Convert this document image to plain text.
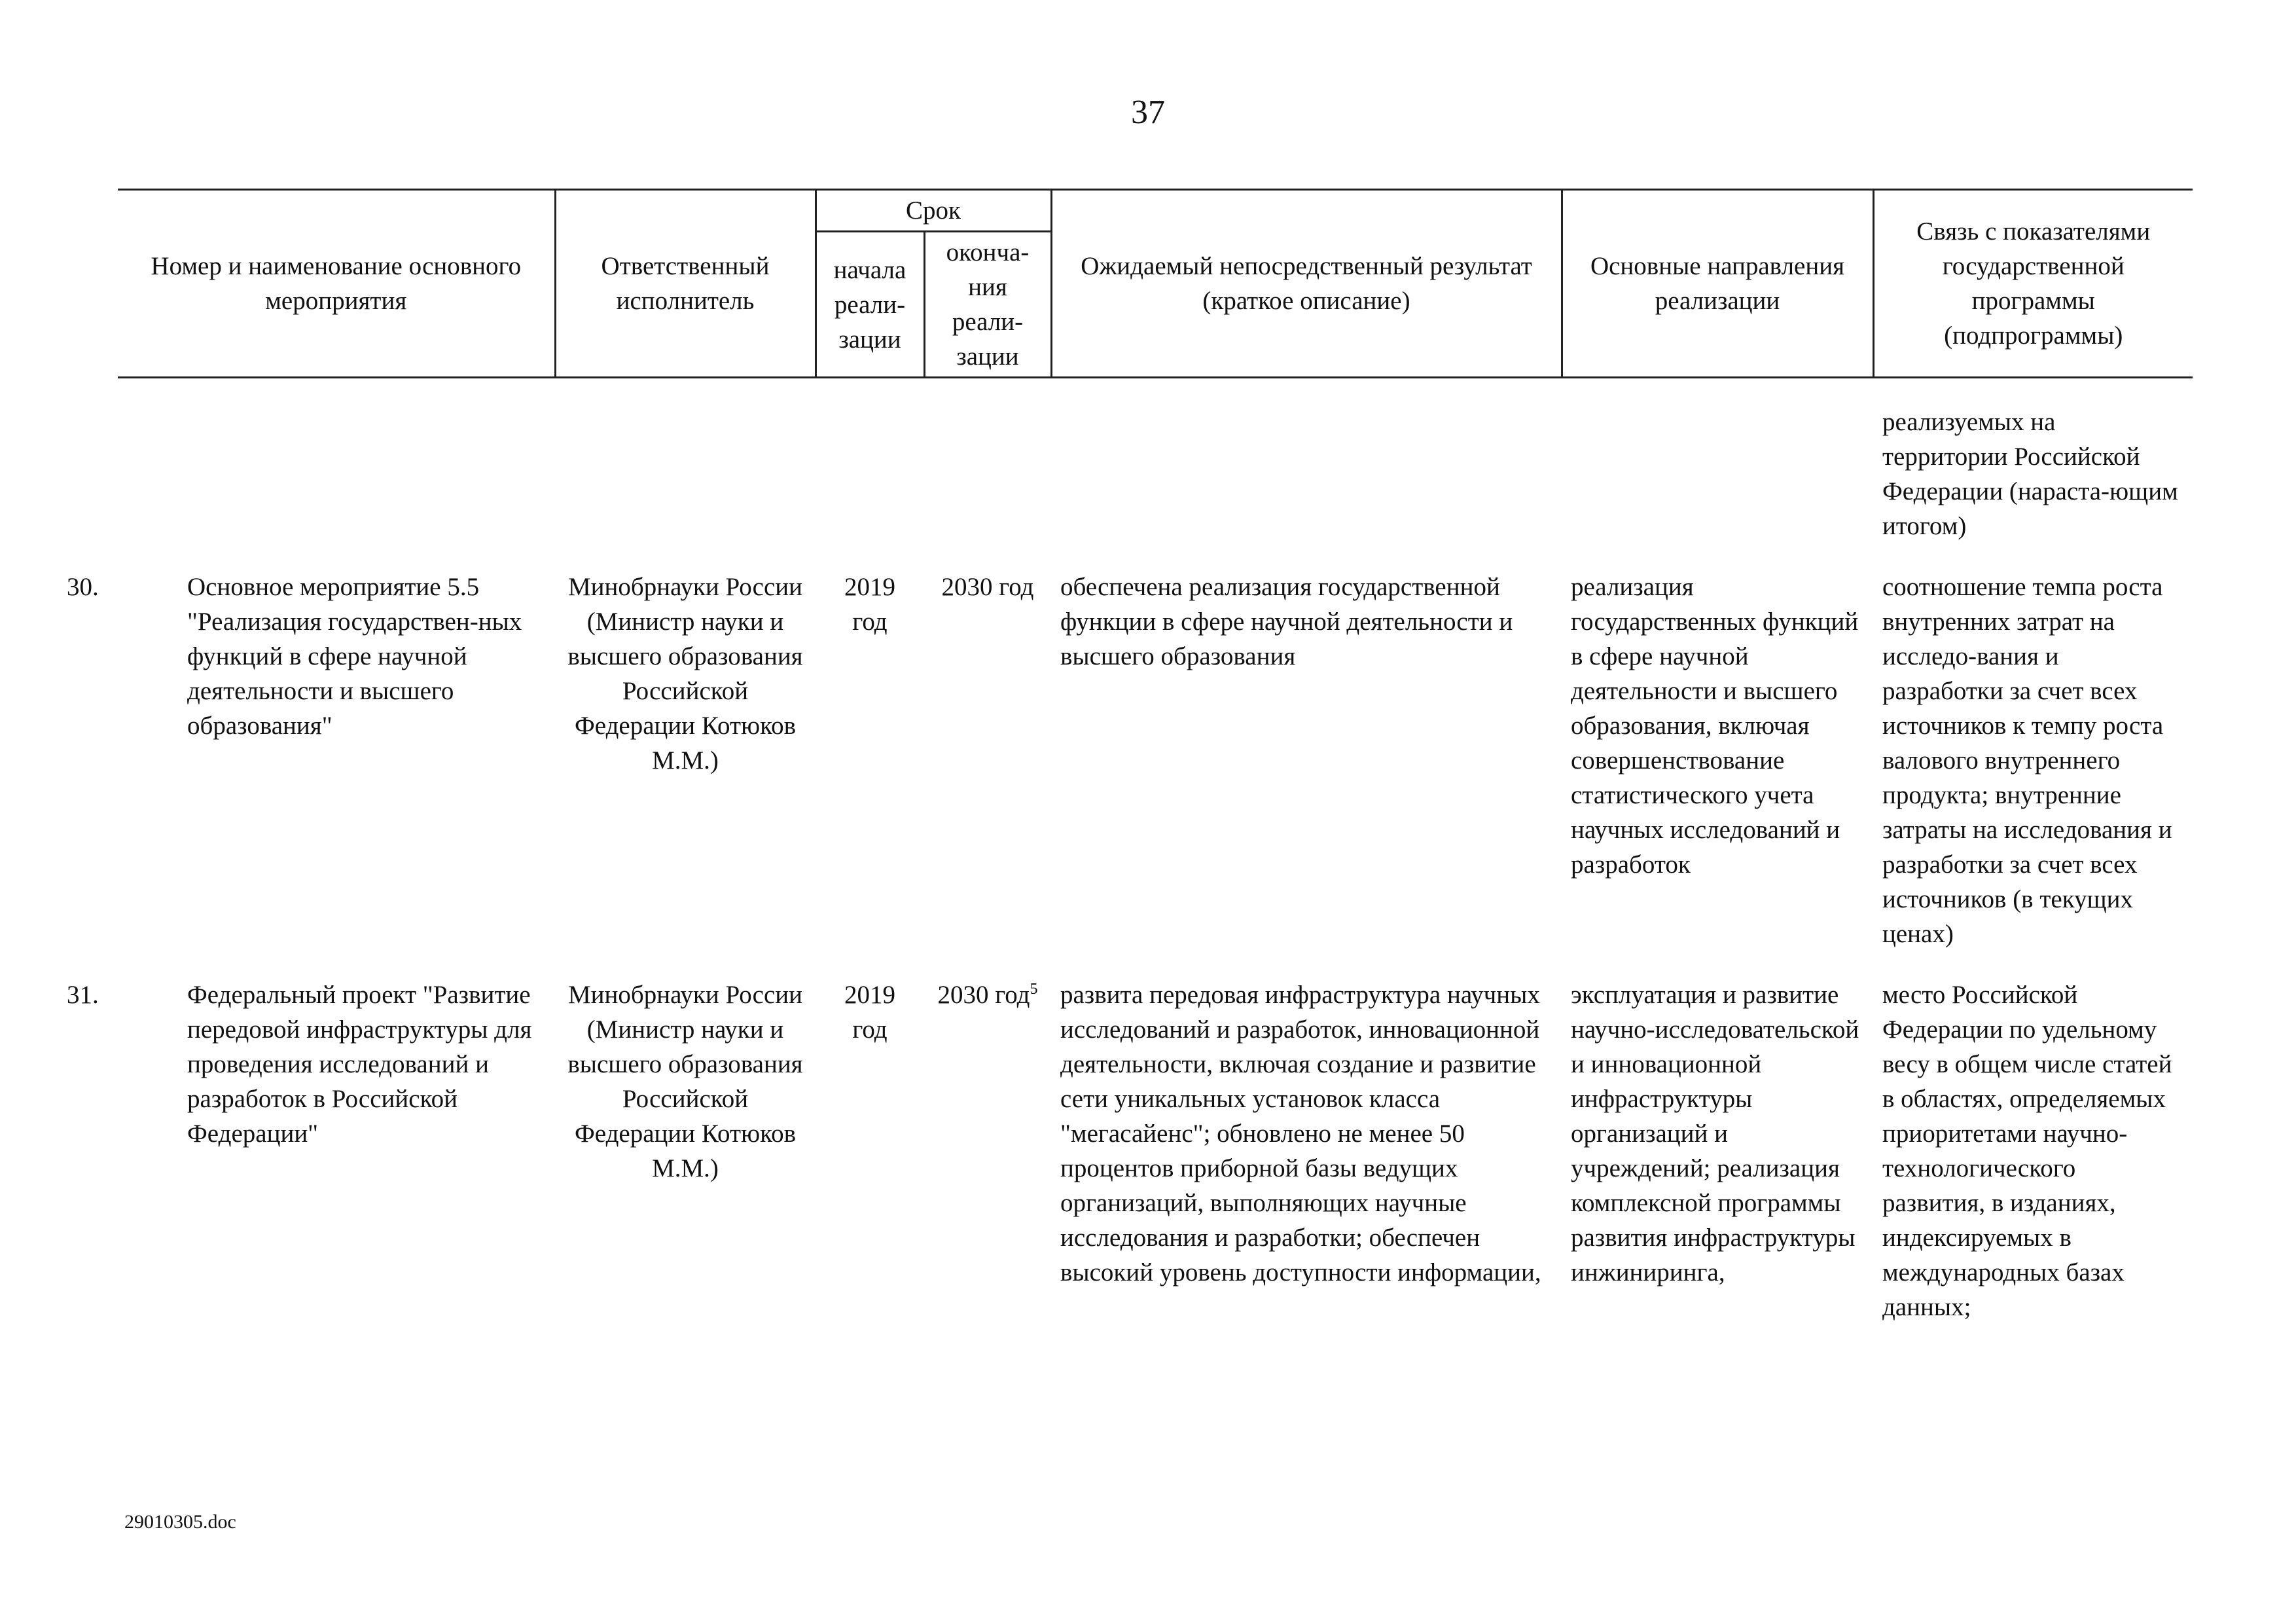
37
Номер и наименование основного мероприятия	Ответственный исполнитель	Срок		Ожидаемый непосредственный результат (краткое описание)	Основные направления реализации	Связь с показателями государственной программы (подпрограммы)
		начала реали-зации	оконча-ния реали-зации			

						реализуемых на территории Российской Федерации (нараста-ющим итогом)

30. Основное мероприятие 5.5 "Реализация государствен-ных функций в сфере научной деятельности и высшего образования"	Минобрнауки России (Министр науки и высшего образования Российской Федерации Котюков М.М.)	2019 год	2030 год	обеспечена реализация государственной функции в сфере научной деятельности и высшего образования	реализация государственных функций в сфере научной деятельности и высшего образования, включая совершенствование статистического учета научных исследований и разработок	соотношение темпа роста внутренних затрат на исследо-вания и разработки за счет всех источников к темпу роста валового внутреннего продукта; внутренние затраты на исследования и разработки за счет всех источников (в текущих ценах)

31. Федеральный проект "Развитие передовой инфраструктуры для проведения исследований и разработок в Российской Федерации"	Минобрнауки России (Министр науки и высшего образования Российской Федерации Котюков М.М.)	2019 год	2030 год$^5$	развита передовая инфраструктура научных исследований и разработок, инновационной деятельности, включая создание и развитие сети уникальных установок класса "мегасайенс"; обновлено не менее 50 процентов приборной базы ведущих организаций, выполняющих научные исследования и разработки; обеспечен высокий уровень доступности информации,	эксплуатация и развитие научно-исследовательской и инновационной инфраструктуры организаций и учреждений; реализация комплексной программы развития инфраструктуры инжиниринга,	место Российской Федерации по удельному весу в общем числе статей в областях, определяемых приоритетами научно-технологического развития, в изданиях, индексируемых в международных базах данных;
29010305.doc
